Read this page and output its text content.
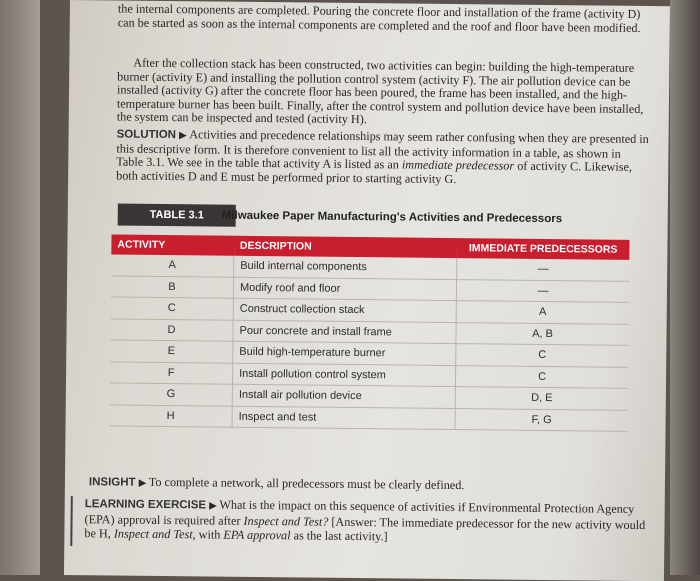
the internal components are completed. Pouring the concrete floor and installation of the frame (activity D) can be started as soon as the internal components are completed and the roof and floor have been modified.
After the collection stack has been constructed, two activities can begin: building the high-temperature burner (activity E) and installing the pollution control system (activity F). The air pollution device can be installed (activity G) after the concrete floor has been poured, the frame has been installed, and the high-temperature burner has been built. Finally, after the control system and pollution device have been installed, the system can be inspected and tested (activity H).
SOLUTION ▶ Activities and precedence relationships may seem rather confusing when they are presented in this descriptive form. It is therefore convenient to list all the activity information in a table, as shown in Table 3.1. We see in the table that activity A is listed as an immediate predecessor of activity C. Likewise, both activities D and E must be performed prior to starting activity G.
TABLE 3.1	Milwaukee Paper Manufacturing's Activities and Predecessors
ACTIVITY	DESCRIPTION	IMMEDIATE PREDECESSORS
A	Build internal components	—
B	Modify roof and floor	—
C	Construct collection stack	A
D	Pour concrete and install frame	A, B
E	Build high-temperature burner	C
F	Install pollution control system	C
G	Install air pollution device	D, E
H	Inspect and test	F, G
INSIGHT ▶ To complete a network, all predecessors must be clearly defined.
LEARNING EXERCISE ▶ What is the impact on this sequence of activities if Environmental Protection Agency (EPA) approval is required after Inspect and Test? [Answer: The immediate predecessor for the new activity would be H, Inspect and Test, with EPA approval as the last activity.]
